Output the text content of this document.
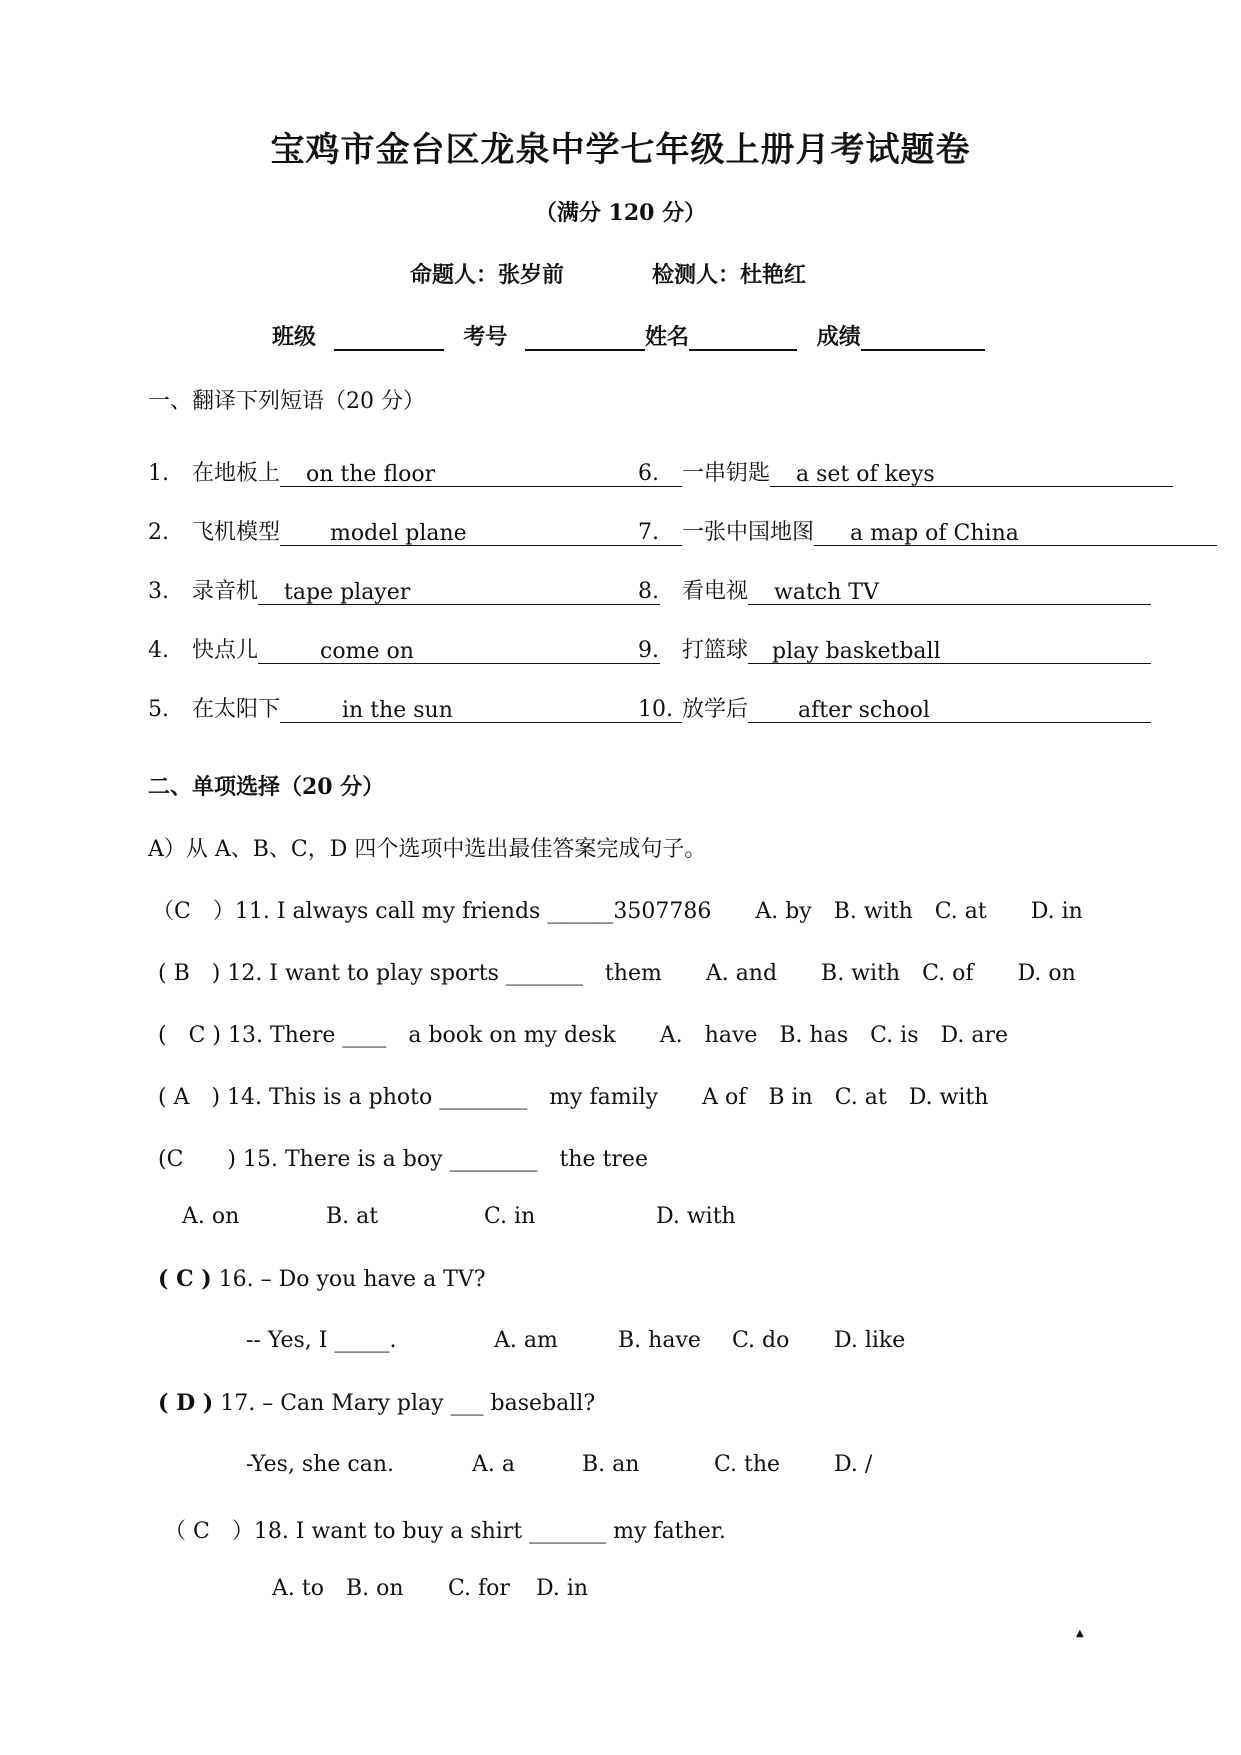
宝鸡市金台区龙泉中学七年级上册月考试题卷
（满分 120 分）
命题人：张岁前	检测人：杜艳红
班级	考号	姓名	成绩
一、翻译下列短语（20 分）
二、单项选择（20 分）
A）从 A、B、C，D 四个选项中选出最佳答案完成句子。
（C　）11. I always call my friends ______3507786　　A. by　B. with　C. at　　D. in
( B　) 12. I want to play sports _______　them　　A. and　　B. with　C. of　　D. on
(　C ) 13. There ____　a book on my desk　　A.　have　B. has　C. is　D. are
( A　) 14. This is a photo ________　my family　　A of　B in　C. at　D. with
(C　　) 15. There is a boy ________　the tree
A. on	B. at	C. in	D. with
( C ) 16. – Do you have a TV?
-- Yes, I _____.	A. am	B. have C. do D. like
( D ) 17. – Can Mary play ___ baseball?
-Yes, she can.	A. a	B. an	C. the D. /
（ C　）18. I want to buy a shirt _______ my father.
A. to B. on C. for D. in
▲
1. 在地板上 on the floor
2. 飞机模型 model plane
3. 录音机 tape player
4. 快点儿	come on
5. 在太阳下	in the sun
6. 一串钥匙 a set of keys
7. 一张中国地图 a map of China
8. 看电视 watch TV
9. 打篮球 play basketball
10. 放学后 after school
